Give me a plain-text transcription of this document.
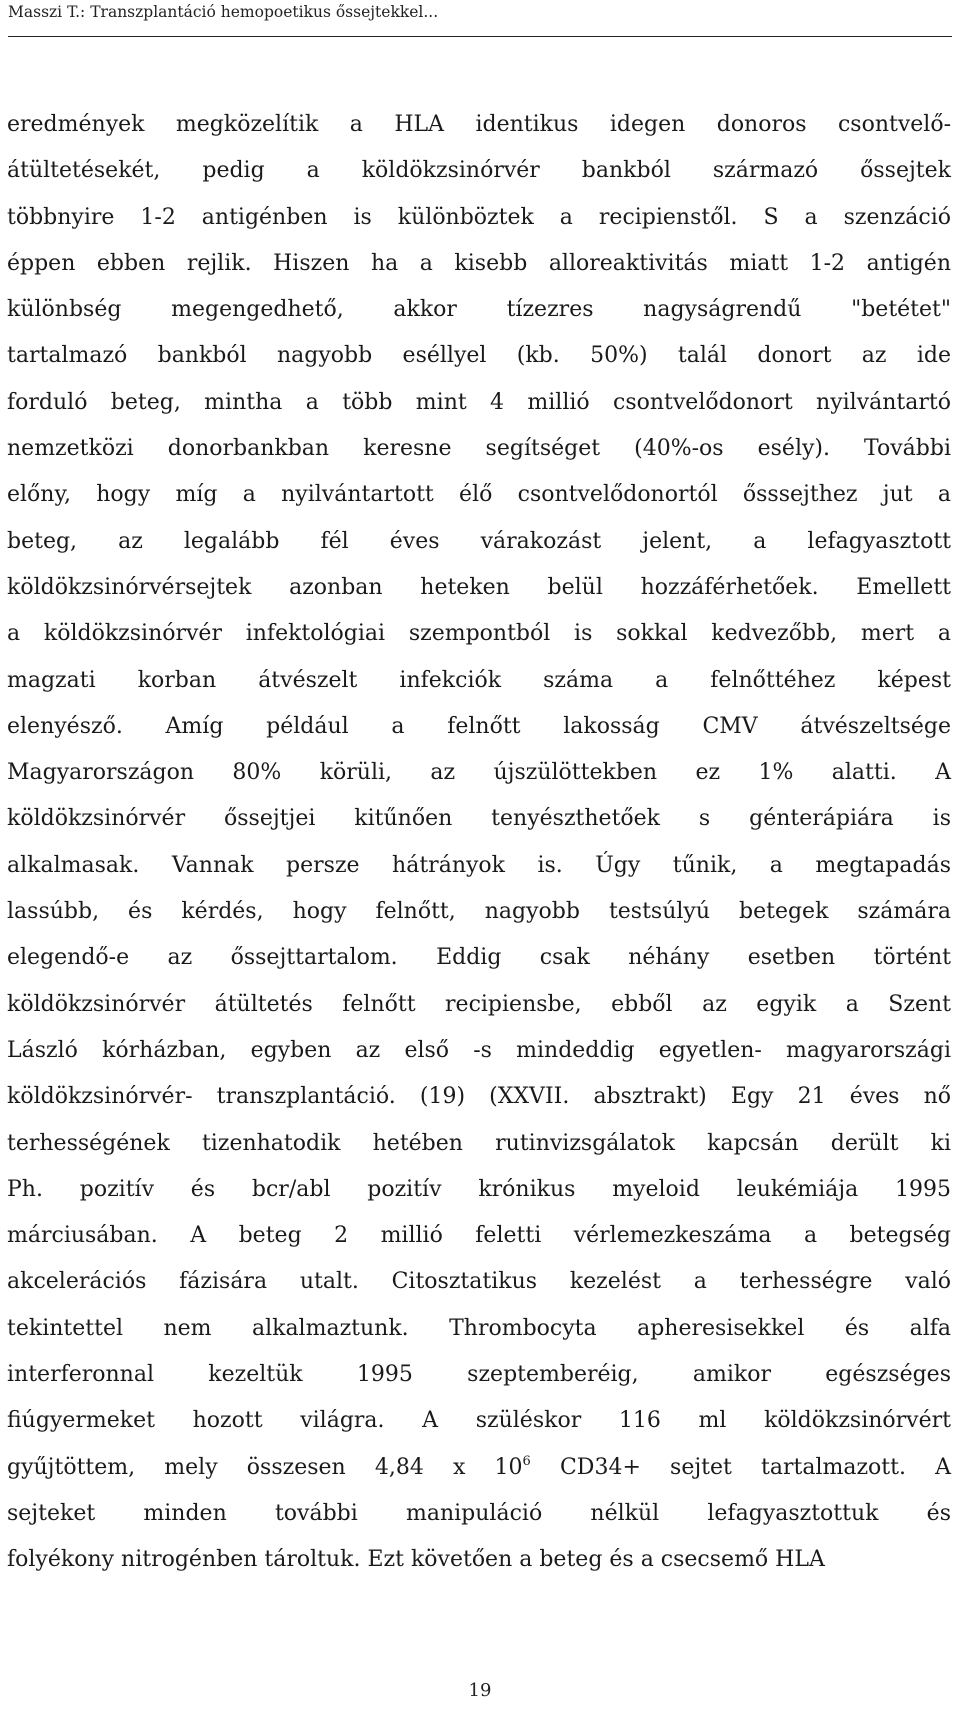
Masszi T.: Transzplantáció hemopoetikus őssejtekkel...
eredmények megközelítik a HLA identikus idegen donoros csontvelő-
átültetésekét, pedig a köldökzsinórvér bankból származó őssejtek
többnyire 1-2 antigénben is különböztek a recipienstől. S a szenzáció
éppen ebben rejlik. Hiszen ha a kisebb alloreaktivitás miatt 1-2 antigén
különbség megengedhető, akkor tízezres nagyságrendű "betétet"
tartalmazó bankból nagyobb eséllyel (kb. 50%) talál donort az ide
forduló beteg, mintha a több mint 4 millió csontvelődonort nyilvántartó
nemzetközi donorbankban keresne segítséget (40%-os esély). További
előny, hogy míg a nyilvántartott élő csontvelődonortól ősssejthez jut a
beteg, az legalább fél éves várakozást jelent, a lefagyasztott
köldökzsinórvérsejtek azonban heteken belül hozzáférhetőek. Emellett
a köldökzsinórvér infektológiai szempontból is sokkal kedvezőbb, mert a
magzati korban átvészelt infekciók száma a felnőttéhez képest
elenyésző. Amíg például a felnőtt lakosság CMV átvészeltsége
Magyarországon 80% körüli, az újszülöttekben ez 1% alatti. A
köldökzsinórvér őssejtjei kitűnően tenyészthetőek s génterápiára is
alkalmasak. Vannak persze hátrányok is. Úgy tűnik, a megtapadás
lassúbb, és kérdés, hogy felnőtt, nagyobb testsúlyú betegek számára
elegendő-e az őssejttartalom. Eddig csak néhány esetben történt
köldökzsinórvér átültetés felnőtt recipiensbe, ebből az egyik a Szent
László kórházban, egyben az első -s mindeddig egyetlen- magyarországi
köldökzsinórvér- transzplantáció. (19) (XXVII. absztrakt) Egy 21 éves nő
terhességének tizenhatodik hetében rutinvizsgálatok kapcsán derült ki
Ph. pozitív és bcr/abl pozitív krónikus myeloid leukémiája 1995
márciusában. A beteg 2 millió feletti vérlemezkeszáma a betegség
akcelerációs fázisára utalt. Citosztatikus kezelést a terhességre való
tekintettel nem alkalmaztunk. Thrombocyta apheresisekkel és alfa
interferonnal kezeltük 1995 szeptemberéig, amikor egészséges
fiúgyermeket hozott világra. A szüléskor 116 ml köldökzsinórvért
gyűjtöttem, mely összesen 4,84 x $10^6$ CD34+ sejtet tartalmazott. A
sejteket minden további manipuláció nélkül lefagyasztottuk és
folyékony nitrogénben tároltuk. Ezt követően a beteg és a csecsemő HLA
19
